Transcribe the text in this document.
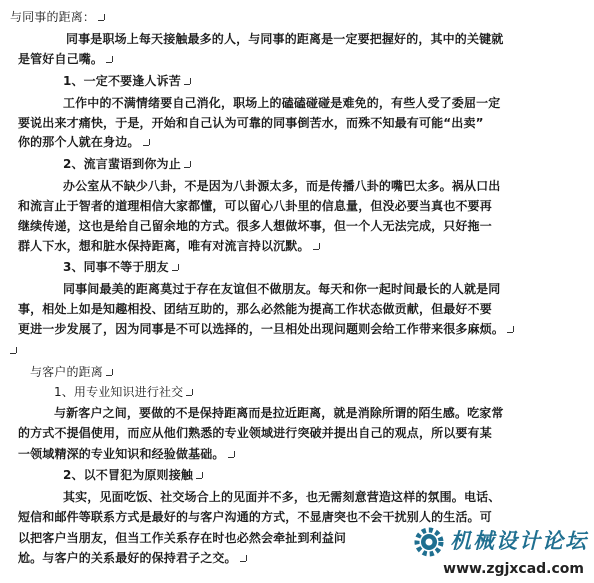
与同事的距离：
同事是职场上每天接触最多的人，与同事的距离是一定要把握好的，其中的关键就
是管好自己嘴。
1、一定不要逢人诉苦
工作中的不满情绪要自己消化，职场上的磕磕碰碰是难免的，有些人受了委屈一定
要说出来才痛快，于是，开始和自己认为可靠的同事倒苦水，而殊不知最有可能“出卖”
你的那个人就在身边。
2、流言蜚语到你为止
办公室从不缺少八卦，不是因为八卦源太多，而是传播八卦的嘴巴太多。祸从口出
和流言止于智者的道理相信大家都懂，可以留心八卦里的信息量，但没必要当真也不要再
继续传递，这也是给自己留余地的方式。很多人想做坏事，但一个人无法完成，只好拖一
群人下水，想和脏水保持距离，唯有对流言持以沉默。
3、同事不等于朋友
同事间最美的距离莫过于存在友谊但不做朋友。每天和你一起时间最长的人就是同
事，相处上如是知趣相投、团结互助的，那么必然能为提高工作状态做贡献，但最好不要
更进一步发展了，因为同事是不可以选择的，一旦相处出现问题则会给工作带来很多麻烦。
与客户的距离
1、用专业知识进行社交
与新客户之间，要做的不是保持距离而是拉近距离，就是消除所谓的陌生感。吃家常
的方式不提倡使用，而应从他们熟悉的专业领域进行突破并提出自己的观点，所以要有某
一领域精深的专业知识和经验做基础。
2、以不冒犯为原则接触
其实，见面吃饭、社交场合上的见面并不多，也无需刻意营造这样的氛围。电话、
短信和邮件等联系方式是最好的与客户沟通的方式，不显唐突也不会干扰别人的生活。可
以把客户当朋友，但当工作关系存在时也必然会牵扯到利益问
尬。与客户的关系最好的保持君子之交。
机械设计论坛
www.zgjxcad.com
